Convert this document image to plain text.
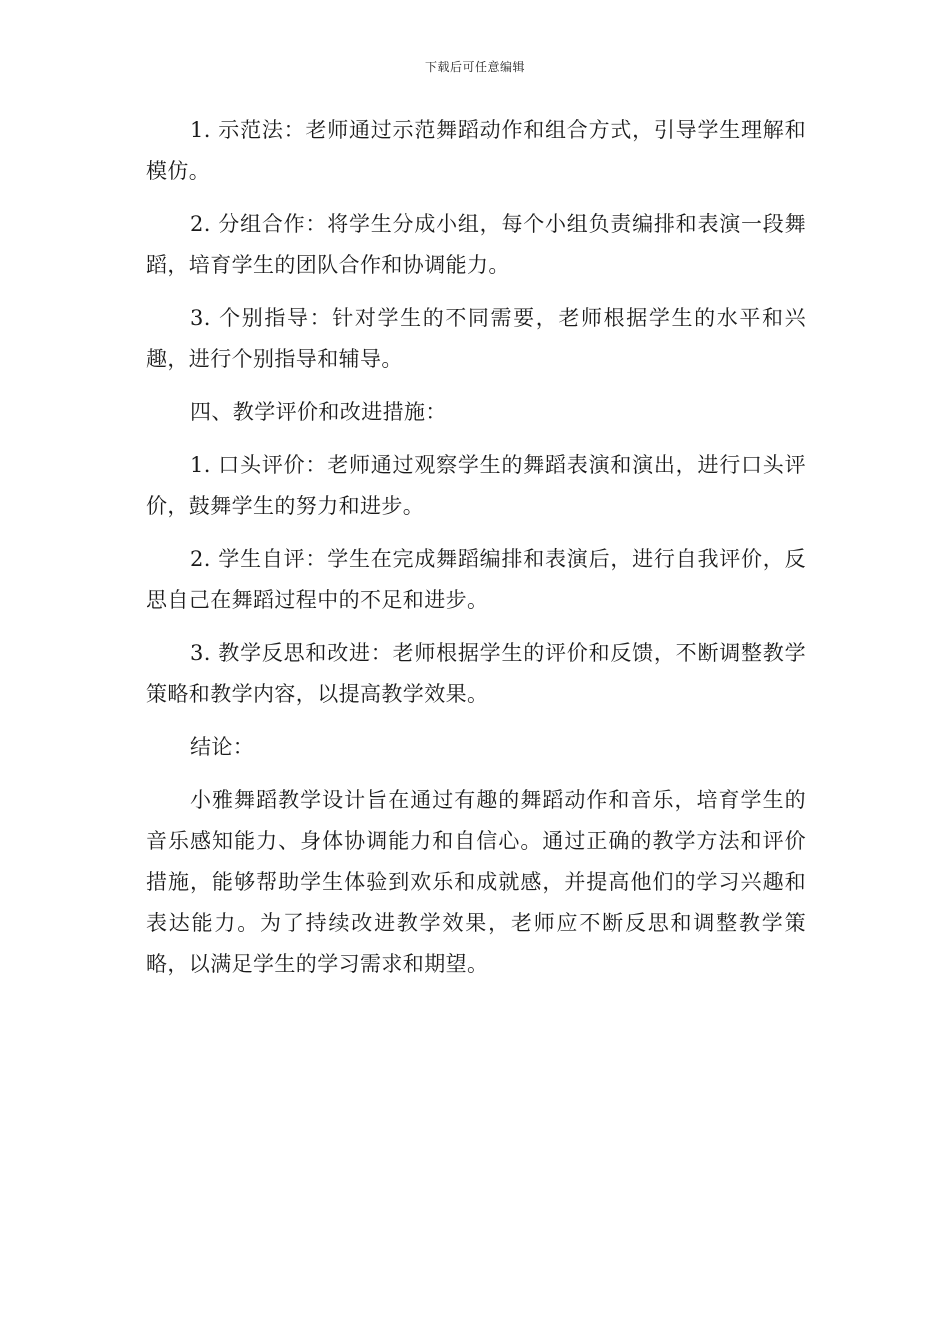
下载后可任意编辑

1. 示范法：老师通过示范舞蹈动作和组合方式，引导学生理解和模仿。

2. 分组合作：将学生分成小组，每个小组负责编排和表演一段舞蹈，培育学生的团队合作和协调能力。

3. 个别指导：针对学生的不同需要，老师根据学生的水平和兴趣，进行个别指导和辅导。

四、教学评价和改进措施：

1. 口头评价：老师通过观察学生的舞蹈表演和演出，进行口头评价，鼓舞学生的努力和进步。

2. 学生自评：学生在完成舞蹈编排和表演后，进行自我评价，反思自己在舞蹈过程中的不足和进步。

3. 教学反思和改进：老师根据学生的评价和反馈，不断调整教学策略和教学内容，以提高教学效果。

结论：

小雅舞蹈教学设计旨在通过有趣的舞蹈动作和音乐，培育学生的音乐感知能力、身体协调能力和自信心。通过正确的教学方法和评价措施，能够帮助学生体验到欢乐和成就感，并提高他们的学习兴趣和表达能力。为了持续改进教学效果，老师应不断反思和调整教学策略，以满足学生的学习需求和期望。
